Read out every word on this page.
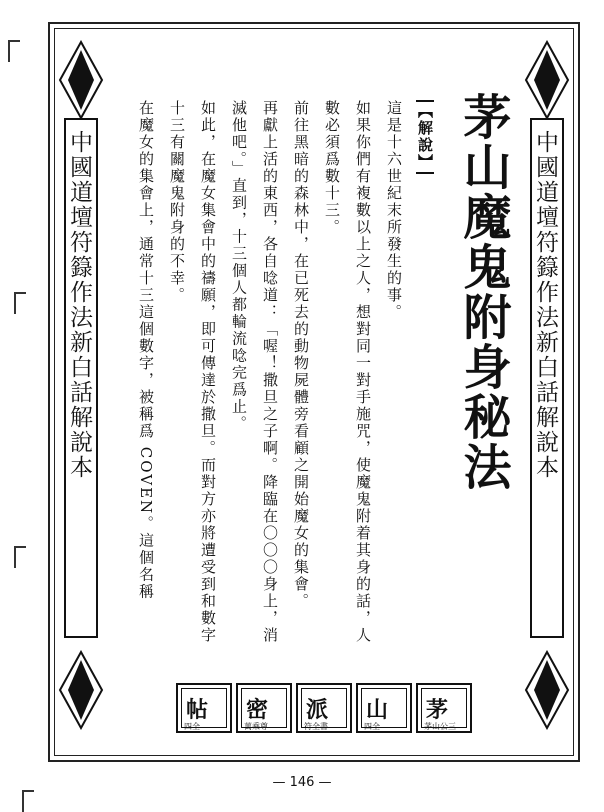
中國道壇符籙作法新白話解說本	中國道壇符籙作法新白話解說本
茅山魔鬼附身秘法

【解說】

這是十六世紀末所發生的事。

如果你們有複數以上之人，想對同一對手施咒，使魔鬼附着其身的話，人數必須爲數十三。

前往黑暗的森林中，在已死去的動物屍體旁看顧之開始魔女的集會。

再獻上活的東西，各自唸道：「喔！撒旦之子啊。降臨在〇〇〇身上，消滅他吧。」直到，十三個人都輪流唸完爲止。

如此，在魔女集會中的禱願，即可傳達於撒旦。而對方亦將遭受到和數字十三有關魔鬼附身的不幸。

在魔女的集會上，通常十三這個數字，被稱爲 COVEN。這個名稱

帖
四全
密
萬乘尊
派
符全書
山
四全
茅
茅山公三
— 146 —
